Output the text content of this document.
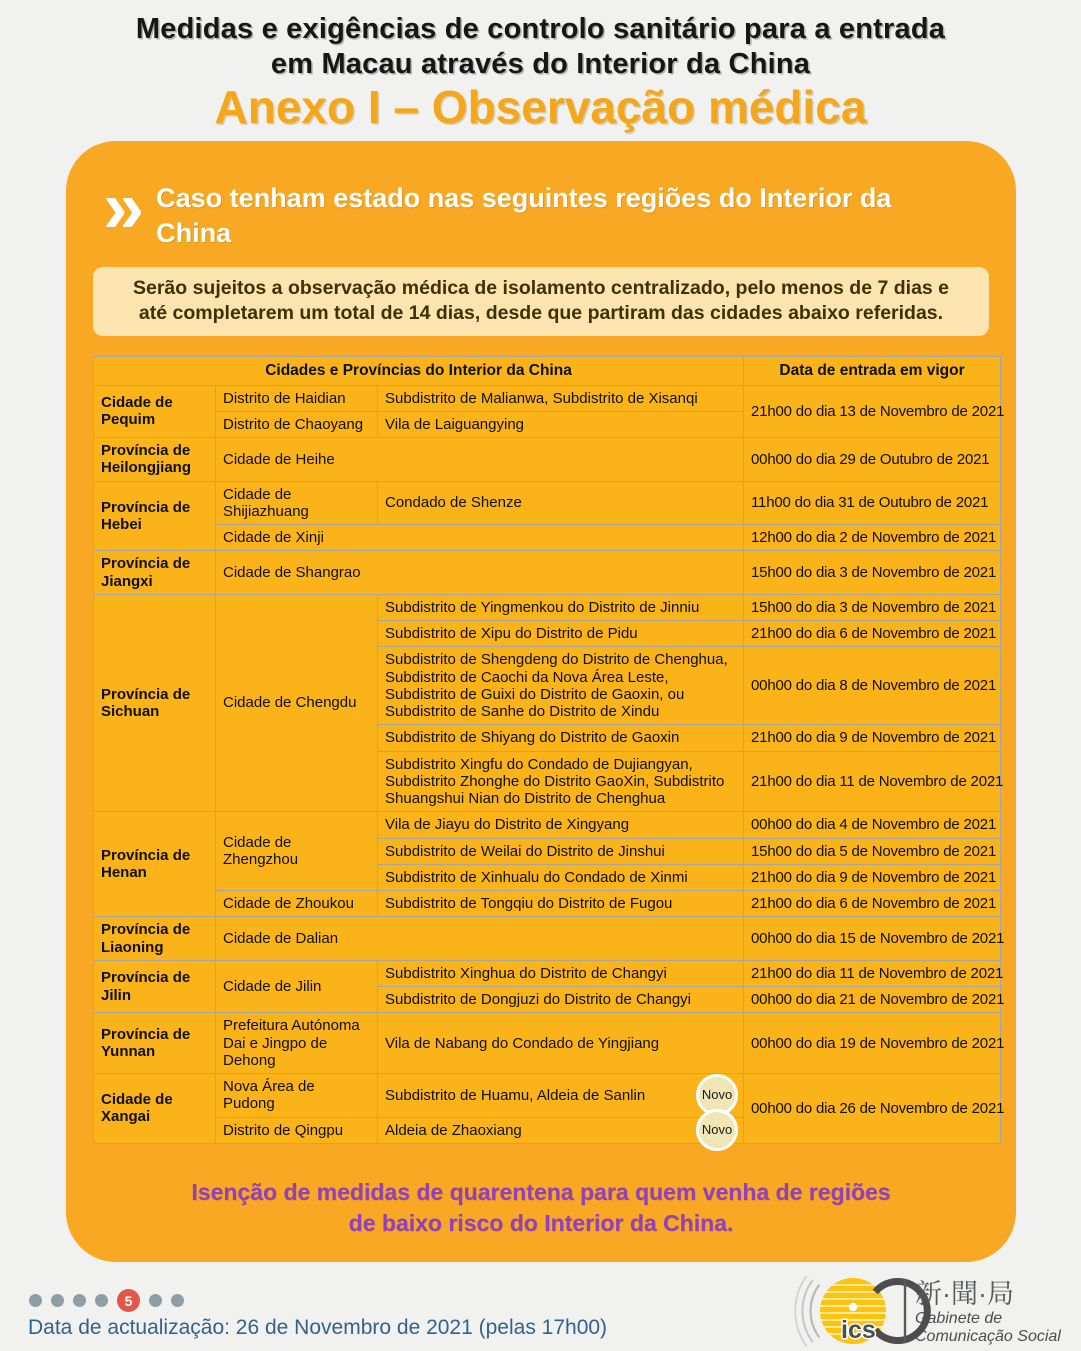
Medidas e exigências de controlo sanitário para a entrada
em Macau através do Interior da China
Anexo I – Observação médica
» Caso tenham estado nas seguintes regiões do Interior da China
Serão sujeitos a observação médica de isolamento centralizado, pelo menos de 7 dias e até completarem um total de 14 dias, desde que partiram das cidades abaixo referidas.
Cidades e Províncias do Interior da China			Data de entrada em vigor
Cidade de Pequim	Distrito de Haidian	Subdistrito de Malianwa, Subdistrito de Xisanqi	21h00 do dia 13 de Novembro de 2021
	Distrito de Chaoyang	Vila de Laiguangying	
Província de Heilongjiang	Cidade de Heihe		00h00 do dia 29 de Outubro de 2021
Província de Hebei	Cidade de Shijiazhuang	Condado de Shenze	11h00 do dia 31 de Outubro de 2021
	Cidade de Xinji		12h00 do dia 2 de Novembro de 2021
Província de Jiangxi	Cidade de Shangrao		15h00 do dia 3 de Novembro de 2021
Província de Sichuan	Cidade de Chengdu	Subdistrito de Yingmenkou do Distrito de Jinniu	15h00 do dia 3 de Novembro de 2021
		Subdistrito de Xipu do Distrito de Pidu	21h00 do dia 6 de Novembro de 2021
		Subdistrito de Shengdeng do Distrito de Chenghua, Subdistrito de Caochi da Nova Área Leste, Subdistrito de Guixi do Distrito de Gaoxin, ou Subdistrito de Sanhe do Distrito de Xindu	00h00 do dia 8 de Novembro de 2021
		Subdistrito de Shiyang do Distrito de Gaoxin	21h00 do dia 9 de Novembro de 2021
		Subdistrito Xingfu do Condado de Dujiangyan, Subdistrito Zhonghe do Distrito GaoXin, Subdistrito Shuangshui Nian do Distrito de Chenghua	21h00 do dia 11 de Novembro de 2021
Província de Henan	Cidade de Zhengzhou	Vila de Jiayu do Distrito de Xingyang	00h00 do dia 4 de Novembro de 2021
		Subdistrito de Weilai do Distrito de Jinshui	15h00 do dia 5 de Novembro de 2021
		Subdistrito de Xinhualu do Condado de Xinmi	21h00 do dia 9 de Novembro de 2021
	Cidade de Zhoukou	Subdistrito de Tongqiu do Distrito de Fugou	21h00 do dia 6 de Novembro de 2021
Província de Liaoning	Cidade de Dalian		00h00 do dia 15 de Novembro de 2021
Província de Jilin	Cidade de Jilin	Subdistrito Xinghua do Distrito de Changyi	21h00 do dia 11 de Novembro de 2021
		Subdistrito de Dongjuzi do Distrito de Changyi	00h00 do dia 21 de Novembro de 2021
Província de Yunnan	Prefeitura Autónoma Dai e Jingpo de Dehong	Vila de Nabang do Condado de Yingjiang	00h00 do dia 19 de Novembro de 2021
Cidade de Xangai	Nova Área de Pudong	Subdistrito de Huamu, Aldeia de Sanlin Novo	00h00 do dia 26 de Novembro de 2021
	Distrito de Qingpu	Aldeia de Zhaoxiang Novo	
Isenção de medidas de quarentena para quem venha de regiões
de baixo risco do Interior da China.
5
Data de actualização: 26 de Novembro de 2021 (pelas 17h00)	ics
新·聞·局
Gabinete de
Comunicação Social
